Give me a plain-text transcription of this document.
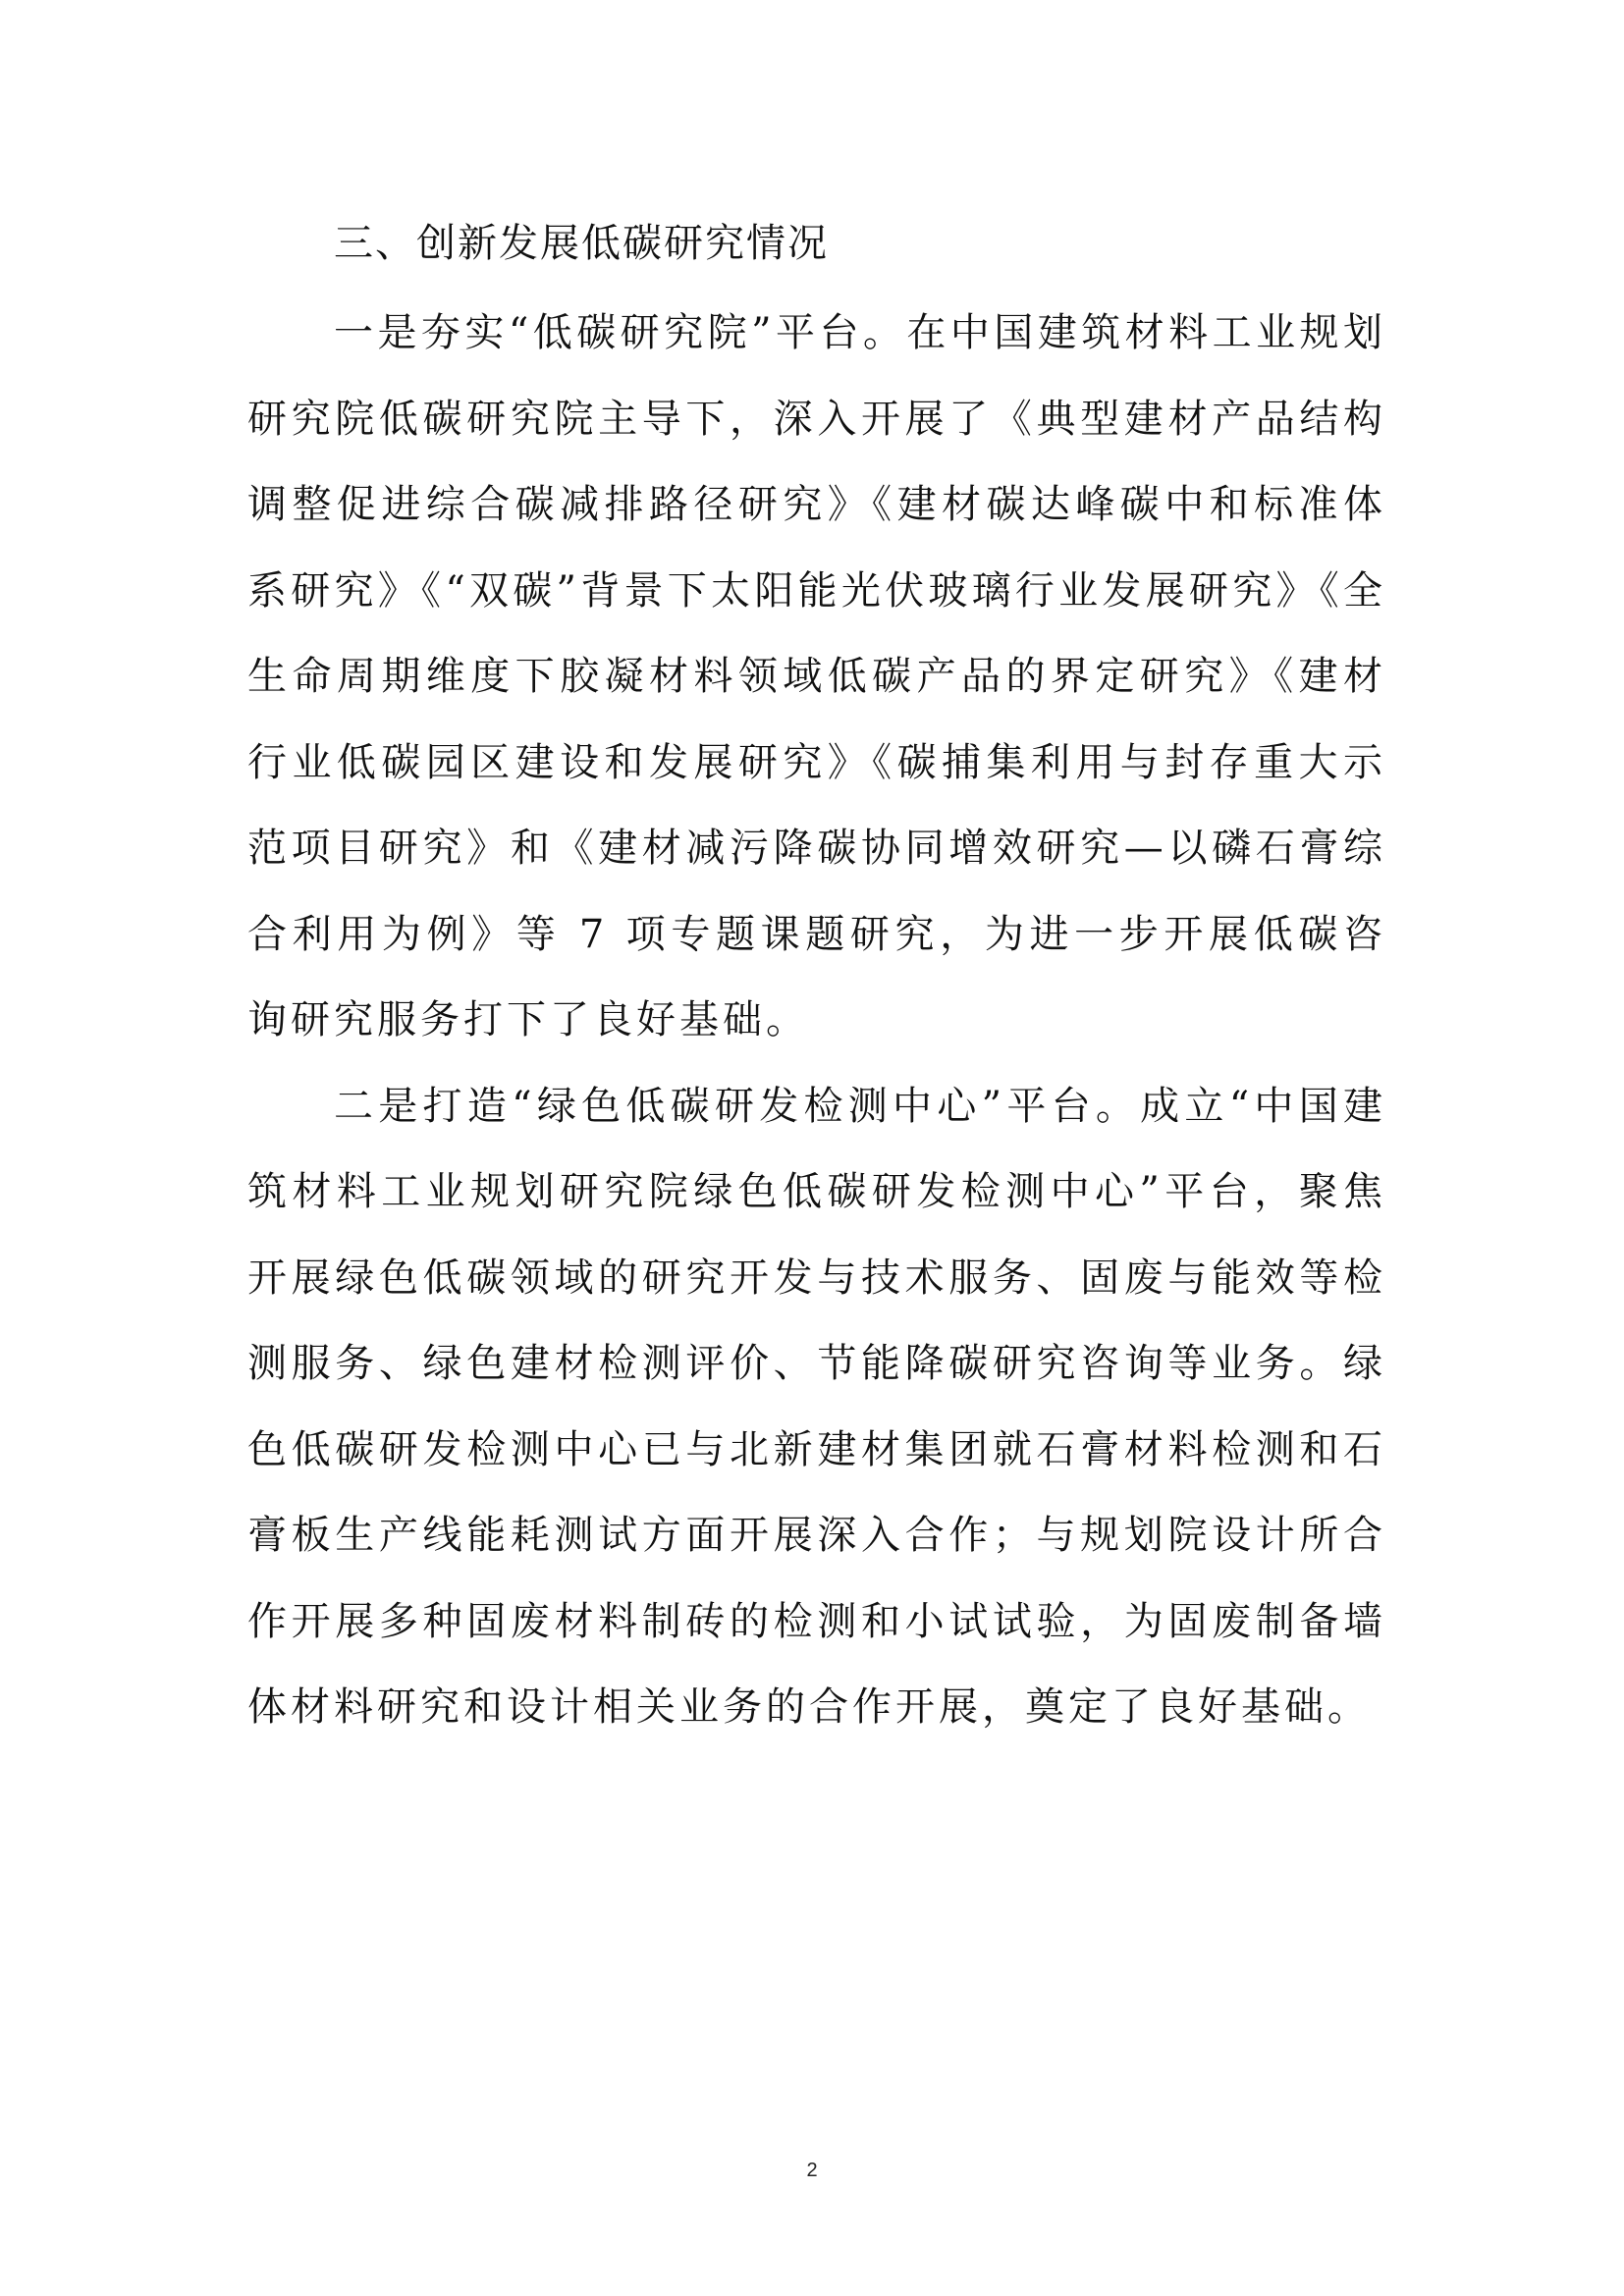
三、创新发展低碳研究情况

一是夯实“低碳研究院”平台。在中国建筑材料工业规划研究院低碳研究院主导下，深入开展了《典型建材产品结构调整促进综合碳减排路径研究》《建材碳达峰碳中和标准体系研究》《“双碳”背景下太阳能光伏玻璃行业发展研究》《全生命周期维度下胶凝材料领域低碳产品的界定研究》《建材行业低碳园区建设和发展研究》《碳捕集利用与封存重大示范项目研究》和《建材减污降碳协同增效研究—以磷石膏综合利用为例》等 7 项专题课题研究，为进一步开展低碳咨询研究服务打下了良好基础。

二是打造“绿色低碳研发检测中心”平台。成立“中国建筑材料工业规划研究院绿色低碳研发检测中心”平台，聚焦开展绿色低碳领域的研究开发与技术服务、固废与能效等检测服务、绿色建材检测评价、节能降碳研究咨询等业务。绿色低碳研发检测中心已与北新建材集团就石膏材料检测和石膏板生产线能耗测试方面开展深入合作；与规划院设计所合作开展多种固废材料制砖的检测和小试试验，为固废制备墙体材料研究和设计相关业务的合作开展，奠定了良好基础。

2
